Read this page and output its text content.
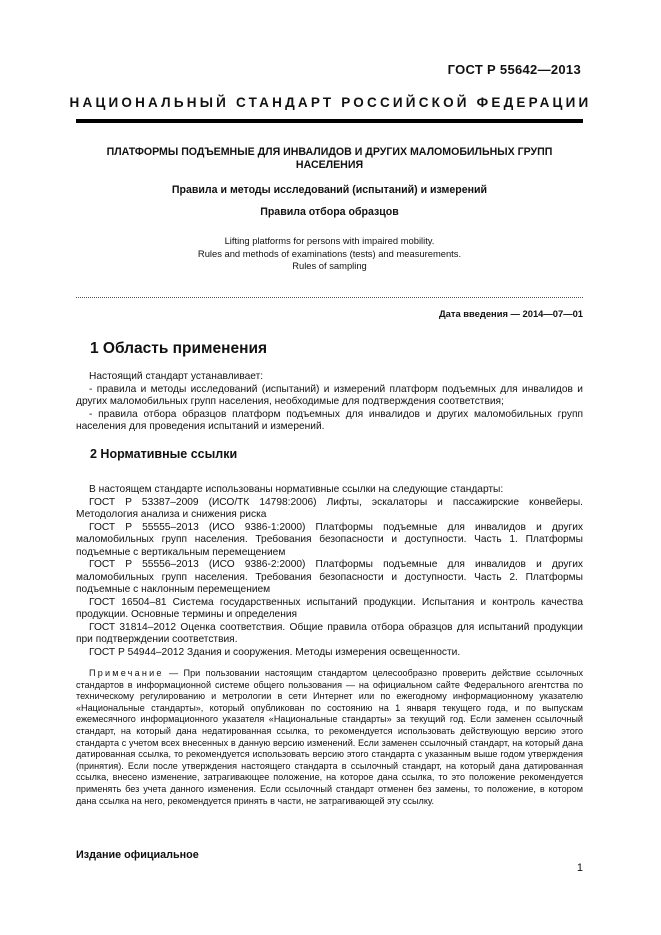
ГОСТ Р 55642—2013
НАЦИОНАЛЬНЫЙ СТАНДАРТ РОССИЙСКОЙ ФЕДЕРАЦИИ
ПЛАТФОРМЫ ПОДЪЕМНЫЕ ДЛЯ ИНВАЛИДОВ И ДРУГИХ МАЛОМОБИЛЬНЫХ ГРУПП НАСЕЛЕНИЯ
Правила и методы исследований (испытаний) и измерений
Правила отбора образцов
Lifting platforms for persons with impaired mobility.
Rules and methods of examinations (tests) and measurements.
Rules of sampling
Дата введения — 2014—07—01
1 Область применения

Настоящий стандарт устанавливает:

- правила и методы исследований (испытаний) и измерений платформ подъемных для инвалидов и других маломобильных групп населения, необходимые для подтверждения соответствия;

- правила отбора образцов платформ подъемных для инвалидов и других маломобильных групп населения для проведения испытаний и измерений.

2 Нормативные ссылки

В настоящем стандарте использованы нормативные ссылки на следующие стандарты:

ГОСТ Р 53387–2009 (ИСО/ТК 14798:2006) Лифты, эскалаторы и пассажирские конвейеры. Методология анализа и снижения риска

ГОСТ Р 55555–2013 (ИСО 9386-1:2000) Платформы подъемные для инвалидов и других маломобильных групп населения. Требования безопасности и доступности. Часть 1. Платформы подъемные с вертикальным перемещением

ГОСТ Р 55556–2013 (ИСО 9386-2:2000) Платформы подъемные для инвалидов и других маломобильных групп населения. Требования безопасности и доступности. Часть 2. Платформы подъемные с наклонным перемещением

ГОСТ 16504–81 Система государственных испытаний продукции. Испытания и контроль качества продукции. Основные термины и определения

ГОСТ 31814–2012 Оценка соответствия. Общие правила отбора образцов для испытаний продукции при подтверждении соответствия.

ГОСТ Р 54944–2012 Здания и сооружения. Методы измерения освещенности.

Примечание — При пользовании настоящим стандартом целесообразно проверить действие ссылочных стандартов в информационной системе общего пользования — на официальном сайте Федерального агентства по техническому регулированию и метрологии в сети Интернет или по ежегодному информационному указателю «Национальные стандарты», который опубликован по состоянию на 1 января текущего года, и по выпускам ежемесячного информационного указателя «Национальные стандарты» за текущий год. Если заменен ссылочный стандарт, на который дана недатированная ссылка, то рекомендуется использовать действующую версию этого стандарта с учетом всех внесенных в данную версию изменений. Если заменен ссылочный стандарт, на который дана датированная ссылка, то рекомендуется использовать версию этого стандарта с указанным выше годом утверждения (принятия). Если после утверждения настоящего стандарта в ссылочный стандарт, на который дана датированная ссылка, внесено изменение, затрагивающее положение, на которое дана ссылка, то это положение рекомендуется применять без учета данного изменения. Если ссылочный стандарт отменен без замены, то положение, в котором дана ссылка на него, рекомендуется принять в части, не затрагивающей эту ссылку.
Издание официальное
1
